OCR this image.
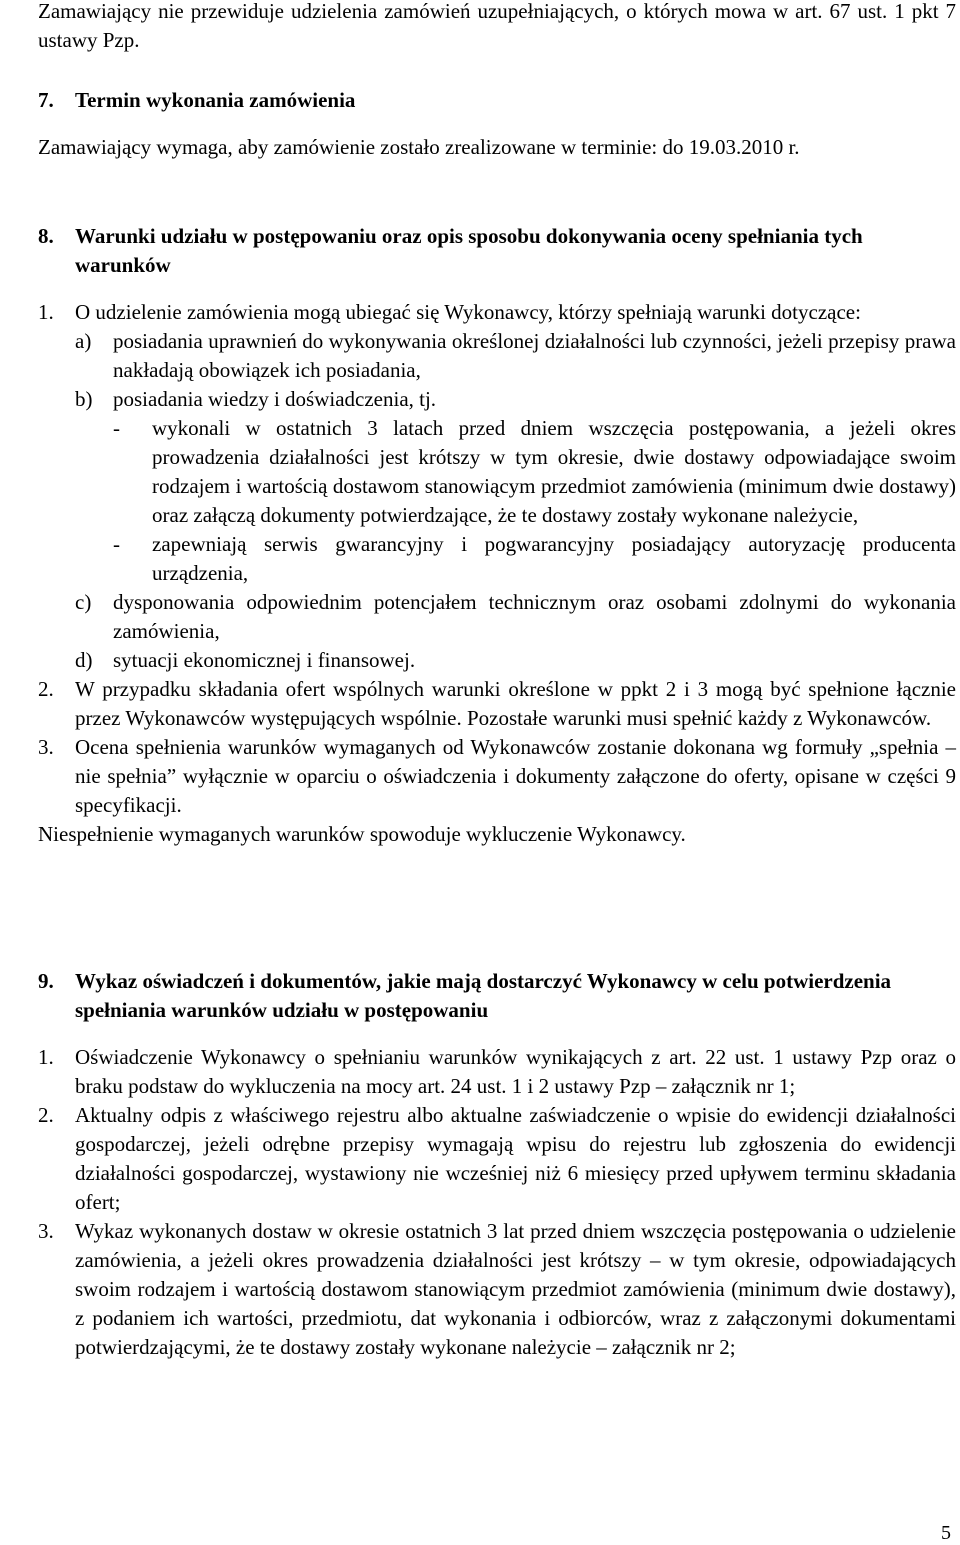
Zamawiający nie przewiduje udzielenia zamówień uzupełniających, o których mowa w art. 67 ust. 1 pkt 7 ustawy Pzp.

7.	Termin wykonania zamówienia

Zamawiający wymaga, aby zamówienie zostało zrealizowane w terminie: do 19.03.2010 r.

8.	Warunki udziału w postępowaniu oraz opis sposobu dokonywania oceny spełniania tych warunków
1.	O udzielenie zamówienia mogą ubiegać się Wykonawcy, którzy spełniają warunki dotyczące:
a)	posiadania uprawnień do wykonywania określonej działalności lub czynności, jeżeli przepisy prawa nakładają obowiązek ich posiadania,
b) posiadania wiedzy i doświadczenia, tj.
-	wykonali w ostatnich 3 latach przed dniem wszczęcia postępowania, a jeżeli okres prowadzenia działalności jest krótszy w tym okresie, dwie dostawy odpowiadające swoim rodzajem i wartością dostawom stanowiącym przedmiot zamówienia (minimum dwie dostawy) oraz załączą dokumenty potwierdzające, że te dostawy zostały wykonane należycie,
-	zapewniają serwis gwarancyjny i pogwarancyjny posiadający autoryzację producenta urządzenia,
c)	dysponowania odpowiednim potencjałem technicznym oraz osobami zdolnymi do wykonania zamówienia,
d) sytuacji ekonomicznej i finansowej.
2.	W przypadku składania ofert wspólnych warunki określone w ppkt 2 i 3 mogą być spełnione łącznie przez Wykonawców występujących wspólnie. Pozostałe warunki musi spełnić każdy z Wykonawców.
3.	Ocena spełnienia warunków wymaganych od Wykonawców zostanie dokonana wg formuły „spełnia – nie spełnia” wyłącznie w oparciu o oświadczenia i dokumenty załączone do oferty, opisane w części 9 specyfikacji.

Niespełnienie wymaganych warunków spowoduje wykluczenie Wykonawcy.

9.	Wykaz oświadczeń i dokumentów, jakie mają dostarczyć Wykonawcy w celu potwierdzenia spełniania warunków udziału w postępowaniu
1.	Oświadczenie Wykonawcy o spełnianiu warunków wynikających z art. 22 ust. 1 ustawy Pzp oraz o braku podstaw do wykluczenia na mocy art. 24 ust. 1 i 2 ustawy Pzp – załącznik nr 1;
2.	Aktualny odpis z właściwego rejestru albo aktualne zaświadczenie o wpisie do ewidencji działalności gospodarczej, jeżeli odrębne przepisy wymagają wpisu do rejestru lub zgłoszenia do ewidencji działalności gospodarczej, wystawiony nie wcześniej niż 6 miesięcy przed upływem terminu składania ofert;
3.	Wykaz wykonanych dostaw w okresie ostatnich 3 lat przed dniem wszczęcia postępowania o udzielenie zamówienia, a jeżeli okres prowadzenia działalności jest krótszy – w tym okresie, odpowiadających swoim rodzajem i wartością dostawom stanowiącym przedmiot zamówienia (minimum dwie dostawy), z podaniem ich wartości, przedmiotu, dat wykonania i odbiorców, wraz z załączonymi dokumentami potwierdzającymi, że te dostawy zostały wykonane należycie – załącznik nr 2;
5
